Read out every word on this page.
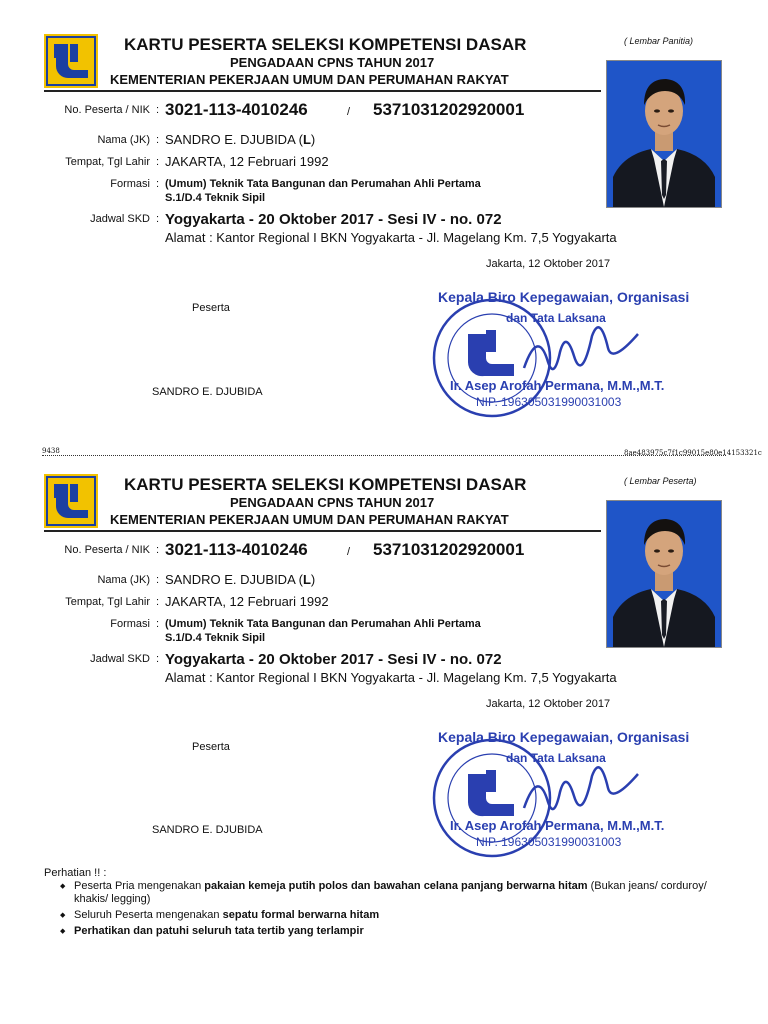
KARTU PESERTA SELEKSI KOMPETENSI DASAR
PENGADAAN CPNS TAHUN 2017
KEMENTERIAN PEKERJAAN UMUM DAN PERUMAHAN RAKYAT
( Lembar Panitia)
No. Peserta / NIK : 3021-113-4010246	/ 5371031202920001
Nama (JK) : SANDRO E. DJUBIDA (L)
Tempat, Tgl Lahir : JAKARTA, 12 Februari 1992
Formasi : (Umum) Teknik Tata Bangunan dan Perumahan Ahli Pertama
S.1/D.4 Teknik Sipil
Jadwal SKD : Yogyakarta - 20 Oktober 2017 - Sesi IV - no. 072
Alamat : Kantor Regional I BKN Yogyakarta - Jl. Magelang Km. 7,5 Yogyakarta
Jakarta, 12 Oktober 2017
Peserta
SANDRO E. DJUBIDA
Kepala Biro Kepegawaian, Organisasi
dan Tata Laksana
Ir. Asep Arofah Permana, M.M.,M.T.
NIP. 196305031990031003
9438	8ae483975c7f1c99015e80e14153321c
KARTU PESERTA SELEKSI KOMPETENSI DASAR
PENGADAAN CPNS TAHUN 2017
KEMENTERIAN PEKERJAAN UMUM DAN PERUMAHAN RAKYAT
( Lembar Peserta)
No. Peserta / NIK : 3021-113-4010246	/ 5371031202920001
Nama (JK) : SANDRO E. DJUBIDA (L)
Tempat, Tgl Lahir : JAKARTA, 12 Februari 1992
Formasi : (Umum) Teknik Tata Bangunan dan Perumahan Ahli Pertama
S.1/D.4 Teknik Sipil
Jadwal SKD : Yogyakarta - 20 Oktober 2017 - Sesi IV - no. 072
Alamat : Kantor Regional I BKN Yogyakarta - Jl. Magelang Km. 7,5 Yogyakarta
Jakarta, 12 Oktober 2017
Peserta
SANDRO E. DJUBIDA
Kepala Biro Kepegawaian, Organisasi
dan Tata Laksana
Ir. Asep Arofah Permana, M.M.,M.T.
NIP. 196305031990031003
Perhatian !! :
◆ Peserta Pria mengenakan pakaian kemeja putih polos dan bawahan celana panjang berwarna hitam (Bukan jeans/ corduroy/ khakis/ legging)
◆ Seluruh Peserta mengenakan sepatu formal berwarna hitam
◆ Perhatikan dan patuhi seluruh tata tertib yang terlampir
